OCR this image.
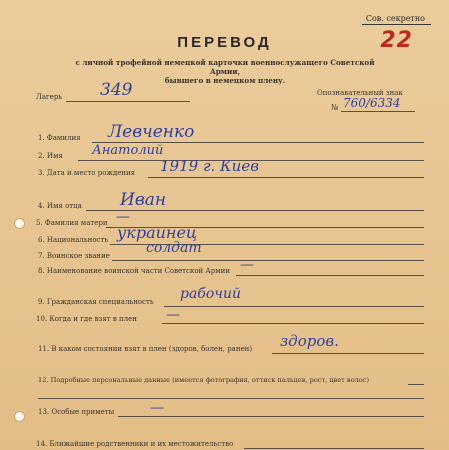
Сов. секретно
22
ПЕРЕВОД
с личной трофейной немецкой карточки военнослужащего Советской Армии,
бывшего в немецком плену.
Лагерь 349	Опознавательный знак
№ 760/6334
1. Фамилия Левченко
2. Имя Анатолий
3. Дата и место рождения 1919 г. Киев
4. Имя отца Иван
5. Фамилия матери —
6. Национальность украинец
7. Воинское звание	солдат
8. Наименование воинской части Советской Армии —
9. Гражданская специальность рабочий
10. Когда и где взят в плен —
11. В каком состоянии взят в плен (здоров, болен, ранен) здоров.
12. Подробные персональные данные (имеется фотография, оттиск пальцев, рост, цвет волос)
13. Особые приметы	—
14. Ближайшие родственники и их местожительство
